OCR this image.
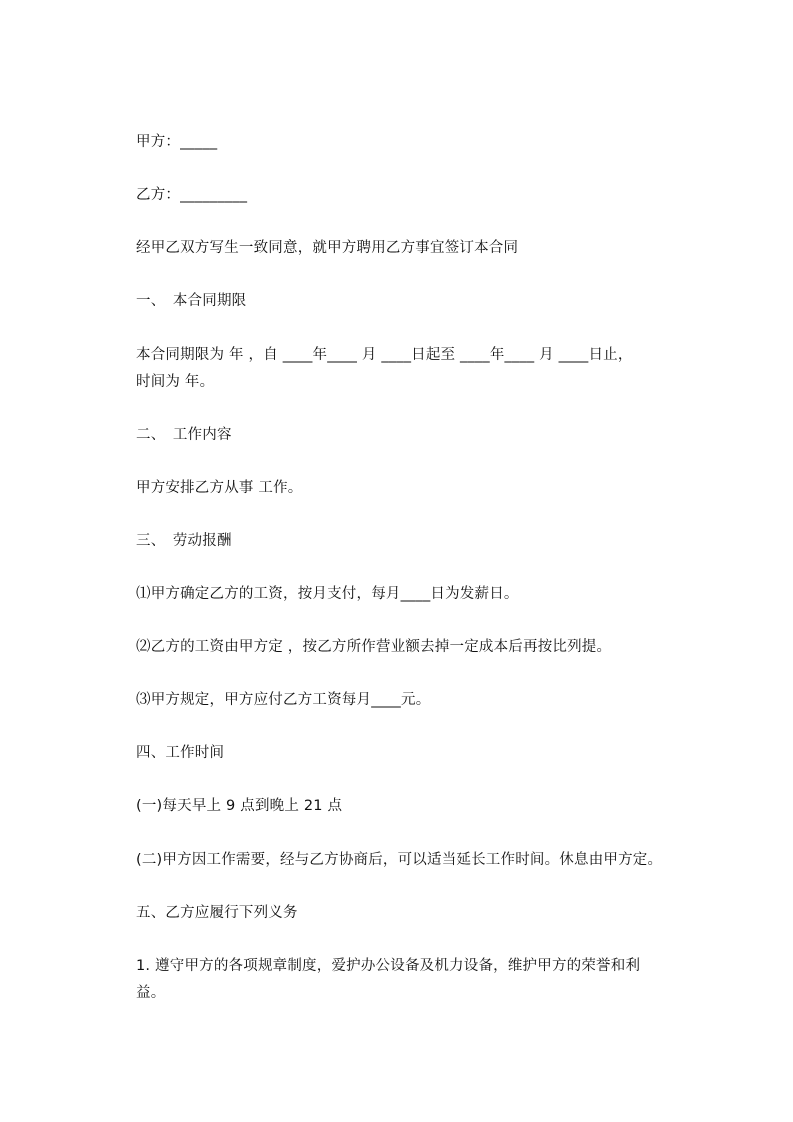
甲方：_____
乙方：_________
经甲乙双方写生一致同意，就甲方聘用乙方事宜签订本合同
一、　本合同期限
本合同期限为 年 ，自 ____年____ 月 ____日起至 ____年____ 月 ____日止，
时间为 年。
二、　工作内容
甲方安排乙方从事 工作。
三、　劳动报酬
⑴甲方确定乙方的工资，按月支付，每月____日为发薪日。
⑵乙方的工资由甲方定 ，按乙方所作营业额去掉一定成本后再按比列提。
⑶甲方规定，甲方应付乙方工资每月____元。
四、工作时间
(一)每天早上 9 点到晚上 21 点
(二)甲方因工作需要，经与乙方协商后，可以适当延长工作时间。休息由甲方定。
五、乙方应履行下列义务
1. 遵守甲方的各项规章制度，爱护办公设备及机力设备，维护甲方的荣誉和利
益。
